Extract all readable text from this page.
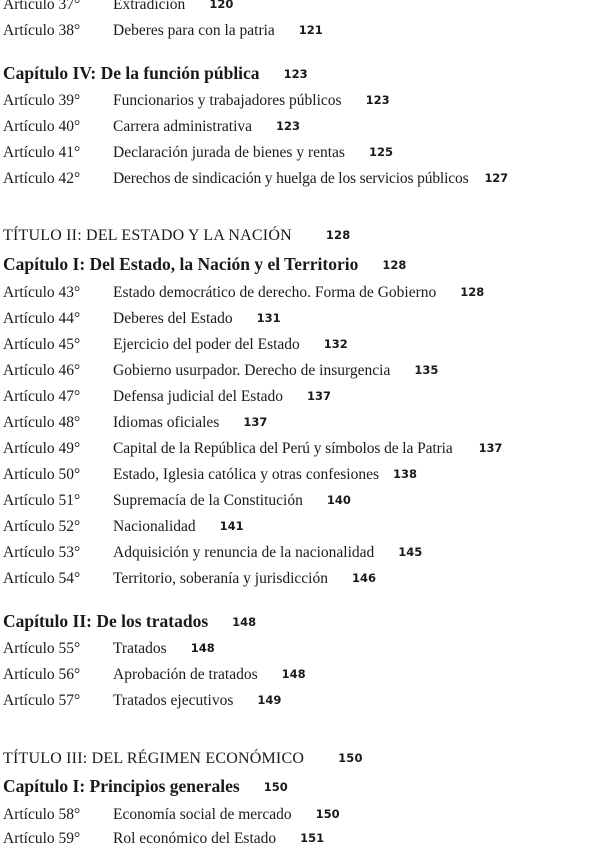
Artículo 37° Extradición 120
Artículo 38° Deberes para con la patria 121
Capítulo IV: De la función pública 123
Artículo 39° Funcionarios y trabajadores públicos 123
Artículo 40° Carrera administrativa 123
Artículo 41° Declaración jurada de bienes y rentas 125
Artículo 42° Derechos de sindicación y huelga de los servicios públicos 127
TÍTULO II: DEL ESTADO Y LA NACIÓN	128
Capítulo I: Del Estado, la Nación y el Territorio 128
Artículo 43° Estado democrático de derecho. Forma de Gobierno 128
Artículo 44° Deberes del Estado 131
Artículo 45° Ejercicio del poder del Estado 132
Artículo 46° Gobierno usurpador. Derecho de insurgencia 135
Artículo 47° Defensa judicial del Estado 137
Artículo 48° Idiomas oficiales 137
Artículo 49° Capital de la República del Perú y símbolos de la Patria 137
Artículo 50° Estado, Iglesia católica y otras confesiones 138
Artículo 51° Supremacía de la Constitución 140
Artículo 52° Nacionalidad 141
Artículo 53° Adquisición y renuncia de la nacionalidad 145
Artículo 54° Territorio, soberanía y jurisdicción 146
Capítulo II: De los tratados 148
Artículo 55° Tratados 148
Artículo 56° Aprobación de tratados 148
Artículo 57° Tratados ejecutivos 149
TÍTULO III: DEL RÉGIMEN ECONÓMICO	150
Capítulo I: Principios generales 150
Artículo 58° Economía social de mercado 150
Artículo 59° Rol económico del Estado 151
